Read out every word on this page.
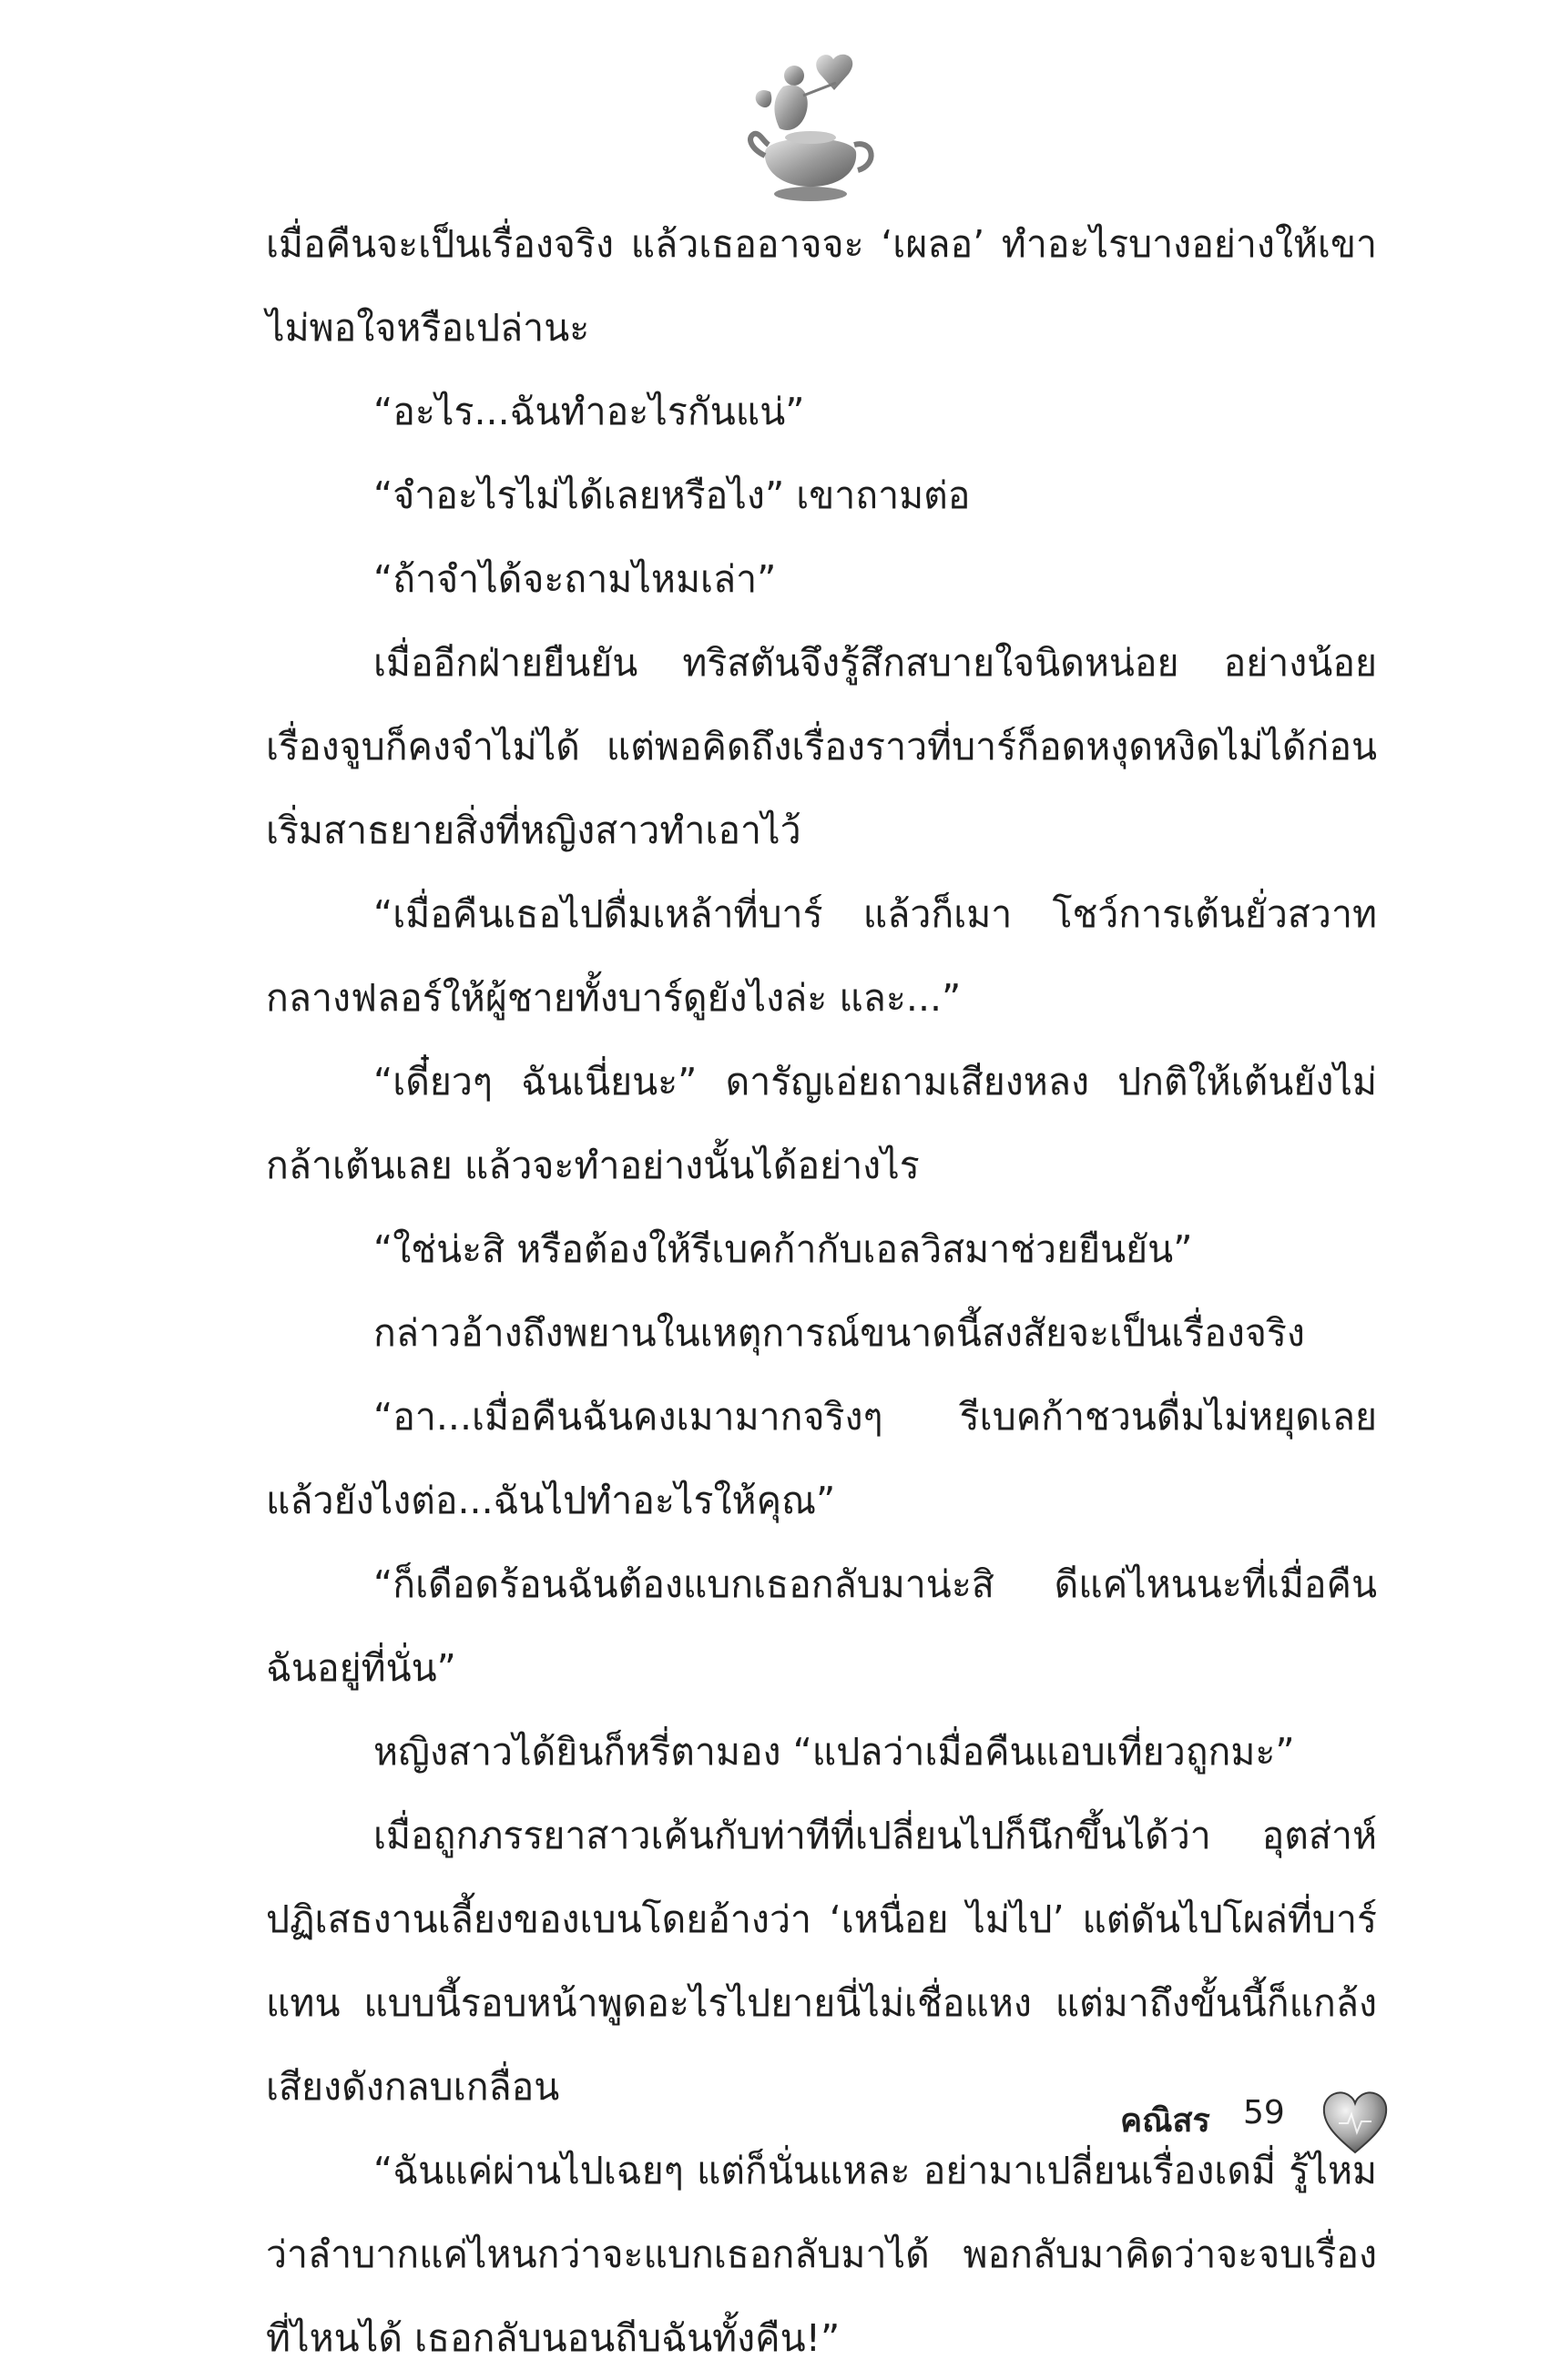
เมื่อคืนจะเป็นเรื่องจริง แล้วเธออาจจะ ‘เผลอ’ ทำอะไรบางอย่างให้เขาไม่พอใจหรือเปล่านะ

“อะไร...ฉันทำอะไรกันแน่”

“จำอะไรไม่ได้เลยหรือไง” เขาถามต่อ

“ถ้าจำได้จะถามไหมเล่า”

เมื่ออีกฝ่ายยืนยัน ทริสตันจึงรู้สึกสบายใจนิดหน่อย อย่างน้อยเรื่องจูบก็คงจำไม่ได้ แต่พอคิดถึงเรื่องราวที่บาร์ก็อดหงุดหงิดไม่ได้ก่อนเริ่มสาธยายสิ่งที่หญิงสาวทำเอาไว้

“เมื่อคืนเธอไปดื่มเหล้าที่บาร์ แล้วก็เมา โชว์การเต้นยั่วสวาทกลางฟลอร์ให้ผู้ชายทั้งบาร์ดูยังไงล่ะ และ...”

“เดี๋ยวๆ ฉันเนี่ยนะ” ดารัญเอ่ยถามเสียงหลง ปกติให้เต้นยังไม่กล้าเต้นเลย แล้วจะทำอย่างนั้นได้อย่างไร

“ใช่น่ะสิ หรือต้องให้รีเบคก้ากับเอลวิสมาช่วยยืนยัน”

กล่าวอ้างถึงพยานในเหตุการณ์ขนาดนี้สงสัยจะเป็นเรื่องจริง

“อา...เมื่อคืนฉันคงเมามากจริงๆ รีเบคก้าชวนดื่มไม่หยุดเลยแล้วยังไงต่อ...ฉันไปทำอะไรให้คุณ”

“ก็เดือดร้อนฉันต้องแบกเธอกลับมาน่ะสิ ดีแค่ไหนนะที่เมื่อคืนฉันอยู่ที่นั่น”

หญิงสาวได้ยินก็หรี่ตามอง “แปลว่าเมื่อคืนแอบเที่ยวถูกมะ”

เมื่อถูกภรรยาสาวเค้นกับท่าทีที่เปลี่ยนไปก็นึกขึ้นได้ว่า อุตส่าห์ปฏิเสธงานเลี้ยงของเบนโดยอ้างว่า ‘เหนื่อย ไม่ไป’ แต่ดันไปโผล่ที่บาร์แทน แบบนี้รอบหน้าพูดอะไรไปยายนี่ไม่เชื่อแหง แต่มาถึงขั้นนี้ก็แกล้งเสียงดังกลบเกลื่อน

“ฉันแค่ผ่านไปเฉยๆ แต่ก็นั่นแหละ อย่ามาเปลี่ยนเรื่องเดมี่ รู้ไหมว่าลำบากแค่ไหนกว่าจะแบกเธอกลับมาได้ พอกลับมาคิดว่าจะจบเรื่องที่ไหนได้ เธอกลับนอนถีบฉันทั้งคืน!”

คณิสร 59
